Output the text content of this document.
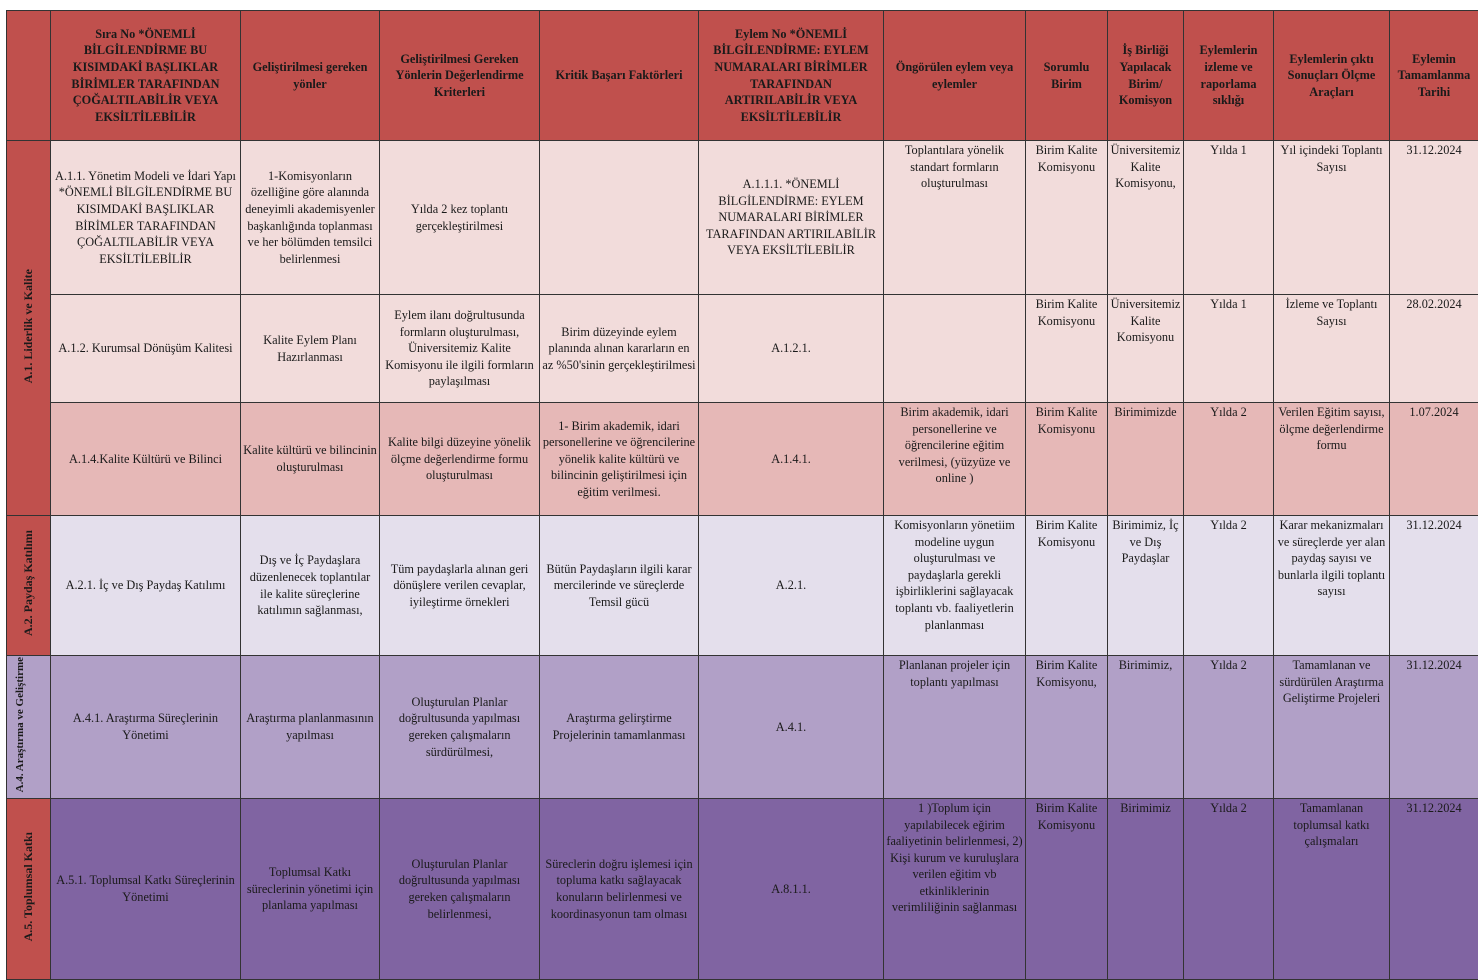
	Sıra No *ÖNEMLİ BİLGİLENDİRME BU KISIMDAKİ BAŞLIKLAR BİRİMLER TARAFINDAN ÇOĞALTILABİLİR VEYA EKSİLTİLEBİLİR	Geliştirilmesi gereken yönler	Geliştirilmesi Gereken Yönlerin Değerlendirme Kriterleri	Kritik Başarı Faktörleri	Eylem No *ÖNEMLİ BİLGİLENDİRME: EYLEM NUMARALARI BİRİMLER TARAFINDAN ARTIRILABİLİR VEYA EKSİLTİLEBİLİR	Öngörülen eylem veya eylemler	Sorumlu Birim	İş Birliği Yapılacak Birim/ Komisyon	Eylemlerin izleme ve raporlama sıklığı	Eylemlerin çıktı Sonuçları Ölçme Araçları	Eylemin Tamamlanma Tarihi
A.1. Liderlik ve Kalite	A.1.1. Yönetim Modeli ve İdari Yapı *ÖNEMLİ BİLGİLENDİRME BU KISIMDAKİ BAŞLIKLAR BİRİMLER TARAFINDAN ÇOĞALTILABİLİR VEYA EKSİLTİLEBİLİR	1-Komisyonların özelliğine göre alanında deneyimli akademisyenler başkanlığında toplanması ve her bölümden temsilci belirlenmesi	Yılda 2 kez toplantı gerçekleştirilmesi		A.1.1.1. *ÖNEMLİ BİLGİLENDİRME: EYLEM NUMARALARI BİRİMLER TARAFINDAN ARTIRILABİLİR VEYA EKSİLTİLEBİLİR	Toplantılara yönelik standart formların oluşturulması	Birim Kalite Komisyonu	Üniversitemiz Kalite Komisyonu,	Yılda 1	Yıl içindeki Toplantı Sayısı	31.12.2024
	A.1.2. Kurumsal Dönüşüm Kalitesi	Kalite Eylem Planı Hazırlanması	Eylem ilanı doğrultusunda formların oluşturulması, Üniversitemiz Kalite Komisyonu ile ilgili formların paylaşılması	Birim düzeyinde eylem planında alınan kararların en az %50'sinin gerçekleştirilmesi	A.1.2.1.		Birim Kalite Komisyonu	Üniversitemiz Kalite Komisyonu	Yılda 1	İzleme ve Toplantı Sayısı	28.02.2024
	A.1.4.Kalite Kültürü ve Bilinci	Kalite kültürü ve bilincinin oluşturulması	Kalite bilgi düzeyine yönelik ölçme değerlendirme formu oluşturulması	1- Birim akademik, idari personellerine ve öğrencilerine yönelik kalite kültürü ve bilincinin geliştirilmesi için eğitim verilmesi.	A.1.4.1.	Birim akademik, idari personellerine ve öğrencilerine eğitim verilmesi, (yüzyüze ve online )	Birim Kalite Komisyonu	Birimimizde	Yılda 2	Verilen Eğitim sayısı, ölçme değerlendirme formu	1.07.2024
A.2. Paydaş Katılımı	A.2.1. İç ve Dış Paydaş Katılımı	Dış ve İç Paydaşlara düzenlenecek toplantılar ile kalite süreçlerine katılımın sağlanması,	Tüm paydaşlarla alınan geri dönüşlere verilen cevaplar, iyileştirme örnekleri	Bütün Paydaşların ilgili karar mercilerinde ve süreçlerde Temsil gücü	A.2.1.	Komisyonların yönetiim modeline uygun oluşturulması ve paydaşlarla gerekli işbirliklerini sağlayacak toplantı vb. faaliyetlerin planlanması	Birim Kalite Komisyonu	Birimimiz, İç ve Dış Paydaşlar	Yılda 2	Karar mekanizmaları ve süreçlerde yer alan paydaş sayısı ve bunlarla ilgili toplantı sayısı	31.12.2024
A.4. Araştırma ve Geliştirme	A.4.1. Araştırma Süreçlerinin Yönetimi	Araştırma planlanmasının yapılması	Oluşturulan Planlar doğrultusunda yapılması gereken çalışmaların sürdürülmesi,	Araştırma gelirştirme Projelerinin tamamlanması	A.4.1.	Planlanan projeler için toplantı yapılması	Birim Kalite Komisyonu,	Birimimiz,	Yılda 2	Tamamlanan ve sürdürülen Araştırma Geliştirme Projeleri	31.12.2024
A.5. Toplumsal Katkı	A.5.1. Toplumsal Katkı Süreçlerinin Yönetimi	Toplumsal Katkı süreclerinin yönetimi için planlama yapılması	Oluşturulan Planlar doğrultusunda yapılması gereken çalışmaların belirlenmesi,	Süreclerin doğru işlemesi için topluma katkı sağlayacak konuların belirlenmesi ve koordinasyonun tam olması	A.8.1.1.	1 )Toplum için yapılabilecek eğirim faaliyetinin belirlenmesi, 2) Kişi kurum ve kuruluşlara verilen eğitim vb etkinliklerinin verimliliğinin sağlanması	Birim Kalite Komisyonu	Birimimiz	Yılda 2	Tamamlanan toplumsal katkı çalışmaları	31.12.2024
